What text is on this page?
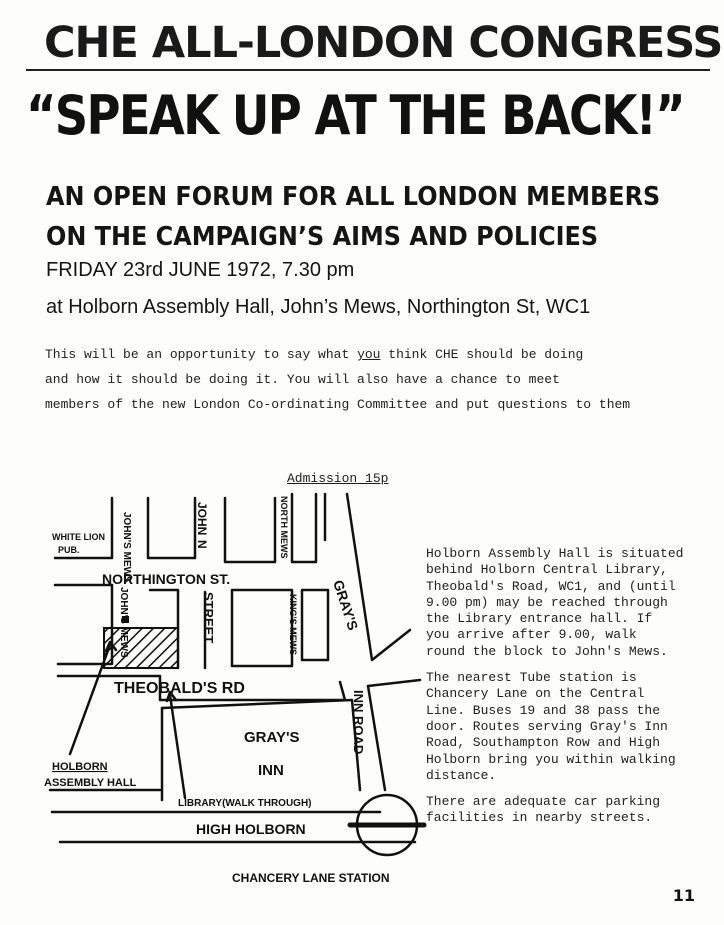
CHE ALL-LONDON CONGRESS
“SPEAK UP AT THE BACK!”
AN OPEN FORUM FOR ALL LONDON MEMBERS
ON THE CAMPAIGN’S AIMS AND POLICIES
FRIDAY 23rd JUNE 1972, 7.30 pm
at Holborn Assembly Hall, John’s Mews, Northington St, WC1
This will be an opportunity to say what you think CHE should be doing
and how it should be doing it. You will also have a chance to meet
members of the new London Co-ordinating Committee and put questions to them
Admission 15p
WHITE LION
PUB.	JOHN'S MEWS	JOHN
N	NORTH MEWS
NORTHINGTON ST.
JOHN'S MEWS	STREET	KING'S MEWS GRAY'S
THEOBALD'S RD
INN ROAD
GRAY'S
INN
HOLBORN
ASSEMBLY HALL
LIBRARY(WALK THROUGH)
HIGH HOLBORN
CHANCERY LANE STATION

Holborn Assembly Hall is situated
behind Holborn Central Library,
Theobald's Road, WC1, and (until
9.00 pm) may be reached through
the Library entrance hall. If
you arrive after 9.00, walk
round the block to John's Mews.

The nearest Tube station is
Chancery Lane on the Central
Line. Buses 19 and 38 pass the
door. Routes serving Gray's Inn
Road, Southampton Row and High
Holborn bring you within walking
distance.

There are adequate car parking
facilities in nearby streets.

11
